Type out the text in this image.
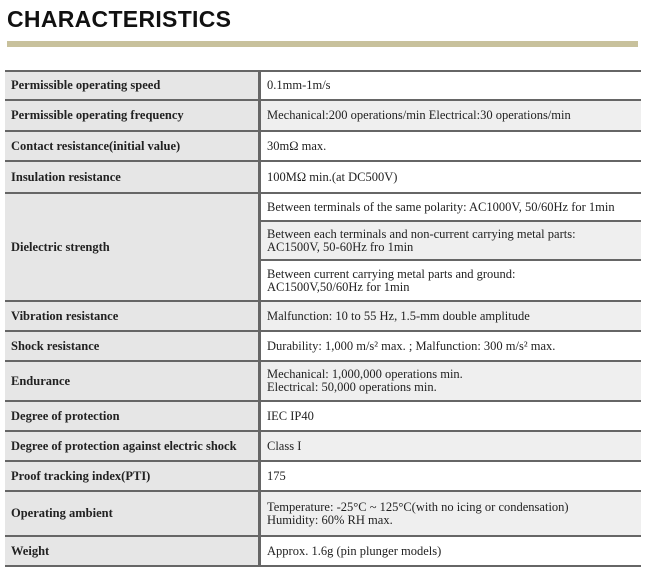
CHARACTERISTICS
Permissible operating speed	0.1mm-1m/s
Permissible operating frequency	Mechanical:200 operations/min Electrical:30 operations/min
Contact resistance(initial value)	30mΩ max.
Insulation resistance	100MΩ min.(at DC500V)
Dielectric strength	Between terminals of the same polarity: AC1000V, 50/60Hz for 1min

	Between each terminals and non-current carrying metal parts:
AC1500V, 50-60Hz fro 1min

	Between current carrying metal parts and ground:
AC1500V,50/60Hz for 1min

Vibration resistance	Malfunction: 10 to 55 Hz, 1.5-mm double amplitude
Shock resistance	Durability: 1,000 m/s² max. ; Malfunction: 300 m/s² max.
Endurance	Mechanical: 1,000,000 operations min.
Electrical: 50,000 operations min.

Degree of protection	IEC IP40
Degree of protection against electric shock	Class I
Proof tracking index(PTI)	175
Operating ambient	Temperature: -25°C ~ 125°C(with no icing or condensation)
Humidity: 60% RH max.

Weight	Approx. 1.6g (pin plunger models)
